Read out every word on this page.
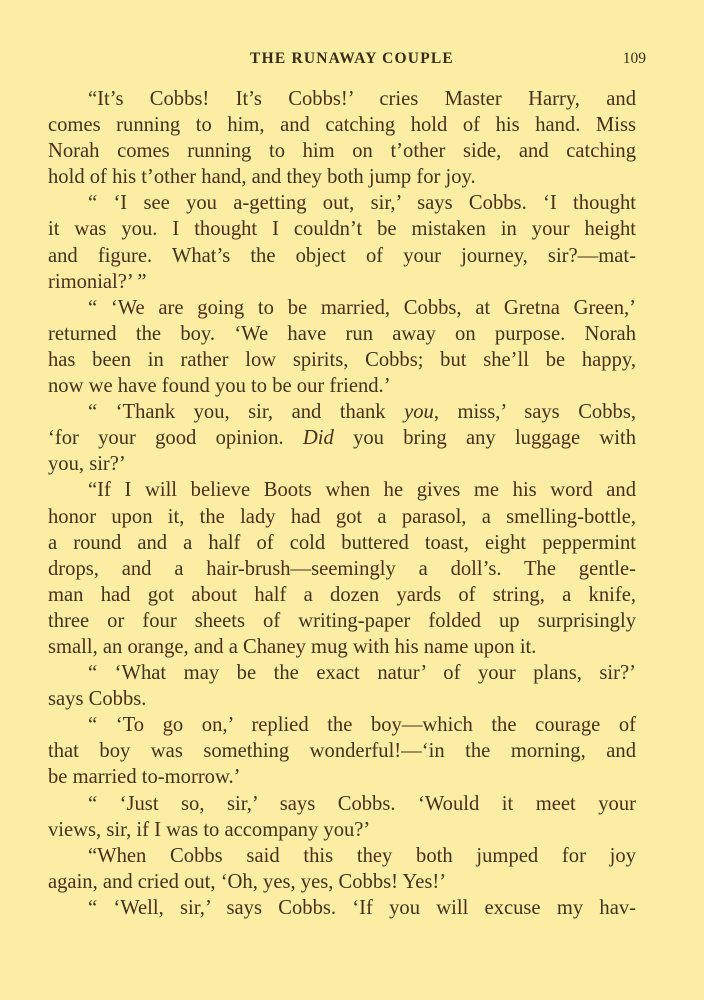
THE RUNAWAY COUPLE	109
“It’s Cobbs! It’s Cobbs!’ cries Master Harry, and
comes running to him, and catching hold of his hand. Miss
Norah comes running to him on t’other side, and catching
hold of his t’other hand, and they both jump for joy.
“ ‘I see you a-getting out, sir,’ says Cobbs. ‘I thought
it was you. I thought I couldn’t be mistaken in your height
and figure. What’s the object of your journey, sir?—mat-
rimonial?’ ”
“ ‘We are going to be married, Cobbs, at Gretna Green,’
returned the boy. ‘We have run away on purpose. Norah
has been in rather low spirits, Cobbs; but she’ll be happy,
now we have found you to be our friend.’
“ ‘Thank you, sir, and thank you, miss,’ says Cobbs,
‘for your good opinion. Did you bring any luggage with
you, sir?’
“If I will believe Boots when he gives me his word and
honor upon it, the lady had got a parasol, a smelling-bottle,
a round and a half of cold buttered toast, eight peppermint
drops, and a hair-brush—seemingly a doll’s. The gentle-
man had got about half a dozen yards of string, a knife,
three or four sheets of writing-paper folded up surprisingly
small, an orange, and a Chaney mug with his name upon it.
“ ‘What may be the exact natur’ of your plans, sir?’
says Cobbs.
“ ‘To go on,’ replied the boy—which the courage of
that boy was something wonderful!—‘in the morning, and
be married to-morrow.’
“ ‘Just so, sir,’ says Cobbs. ‘Would it meet your
views, sir, if I was to accompany you?’
“When Cobbs said this they both jumped for joy
again, and cried out, ‘Oh, yes, yes, Cobbs! Yes!’
“ ‘Well, sir,’ says Cobbs. ‘If you will excuse my hav-
